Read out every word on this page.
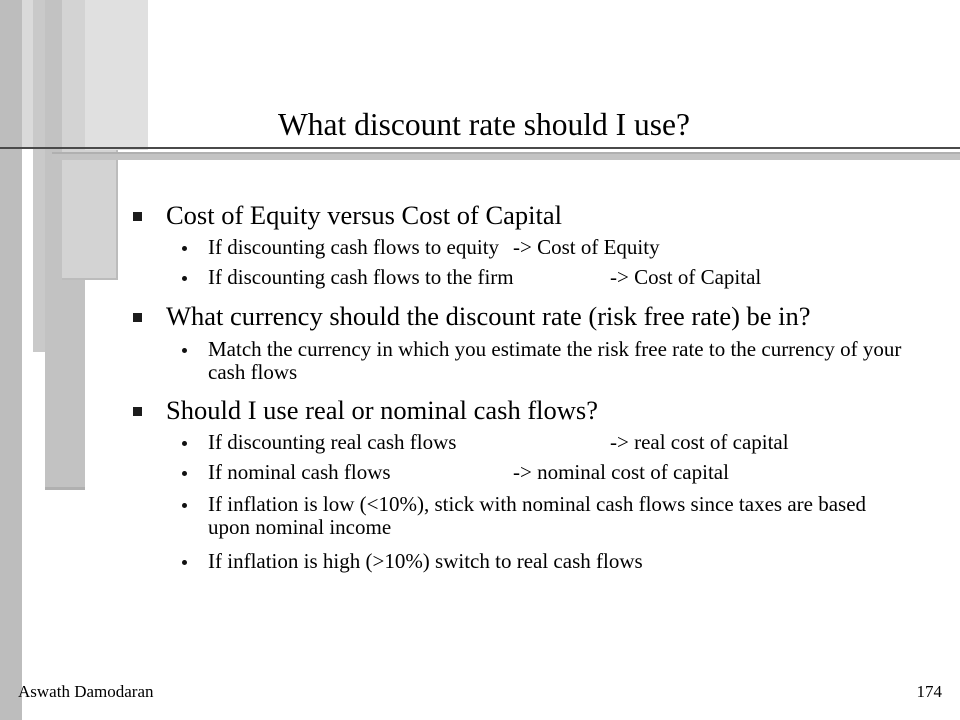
What discount rate should I use?
Cost of Equity versus Cost of Capital
If discounting cash flows to equity -> Cost of Equity
If discounting cash flows to the firm	-> Cost of Capital
What currency should the discount rate (risk free rate) be in?
Match the currency in which you estimate the risk free rate to the currency of your
cash flows
Should I use real or nominal cash flows?
If discounting real cash flows	-> real cost of capital
If nominal cash flows	-> nominal cost of capital
If inflation is low (<10%), stick with nominal cash flows since taxes are based
upon nominal income
If inflation is high (>10%) switch to real cash flows
Aswath Damodaran	174
